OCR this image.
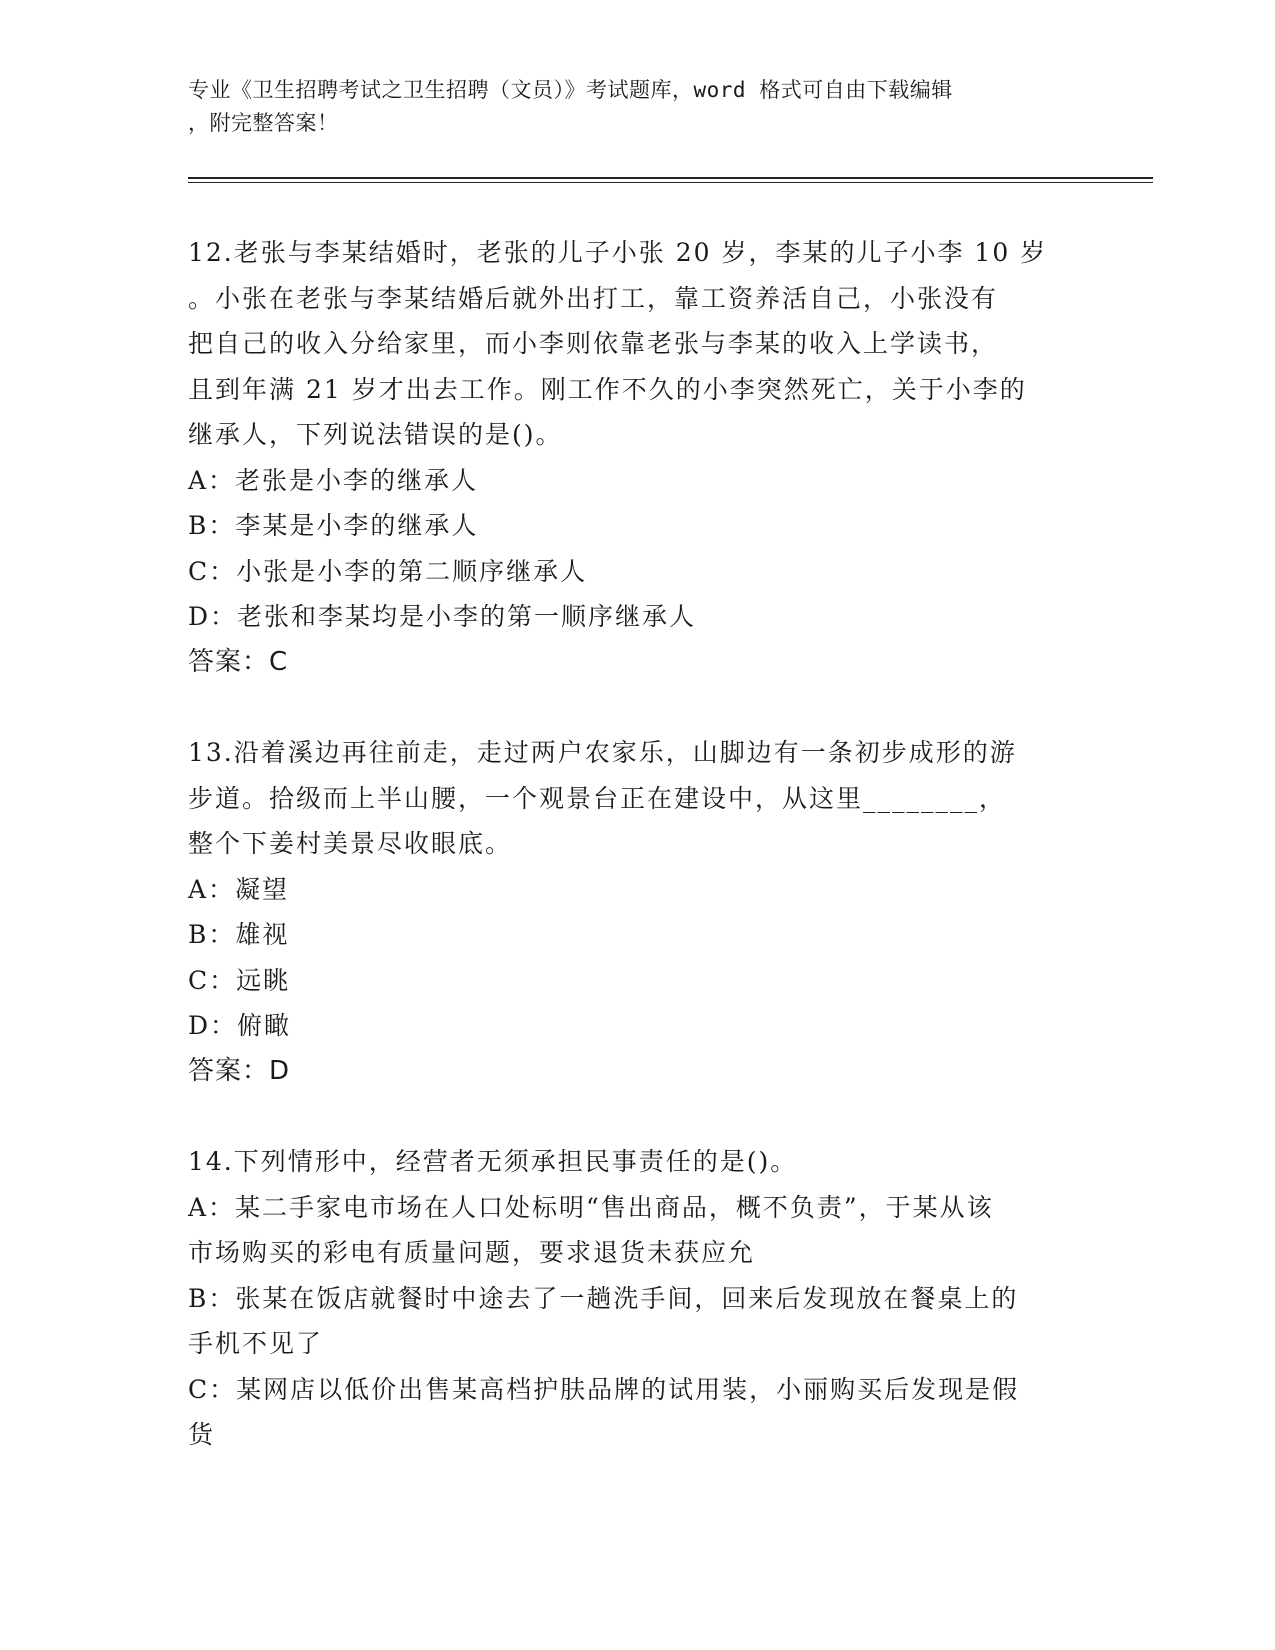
专业《卫生招聘考试之卫生招聘（文员）》考试题库，word 格式可自由下载编辑

，附完整答案！

12.老张与李某结婚时，老张的儿子小张 20 岁，李某的儿子小李 10 岁
。小张在老张与李某结婚后就外出打工，靠工资养活自己，小张没有
把自己的收入分给家里，而小李则依靠老张与李某的收入上学读书，
且到年满 21 岁才出去工作。刚工作不久的小李突然死亡，关于小李的
继承人，下列说法错误的是()。
A：老张是小李的继承人
B：李某是小李的继承人
C：小张是小李的第二顺序继承人
D：老张和李某均是小李的第一顺序继承人
答案：C
13.沿着溪边再往前走，走过两户农家乐，山脚边有一条初步成形的游
步道。拾级而上半山腰，一个观景台正在建设中，从这里________，
整个下姜村美景尽收眼底。
A：凝望
B：雄视
C：远眺
D：俯瞰
答案：D
14.下列情形中，经营者无须承担民事责任的是()。
A：某二手家电市场在人口处标明“售出商品，概不负责”，于某从该
市场购买的彩电有质量问题，要求退货未获应允
B：张某在饭店就餐时中途去了一趟洗手间，回来后发现放在餐桌上的
手机不见了
C：某网店以低价出售某高档护肤品牌的试用装，小丽购买后发现是假
货
